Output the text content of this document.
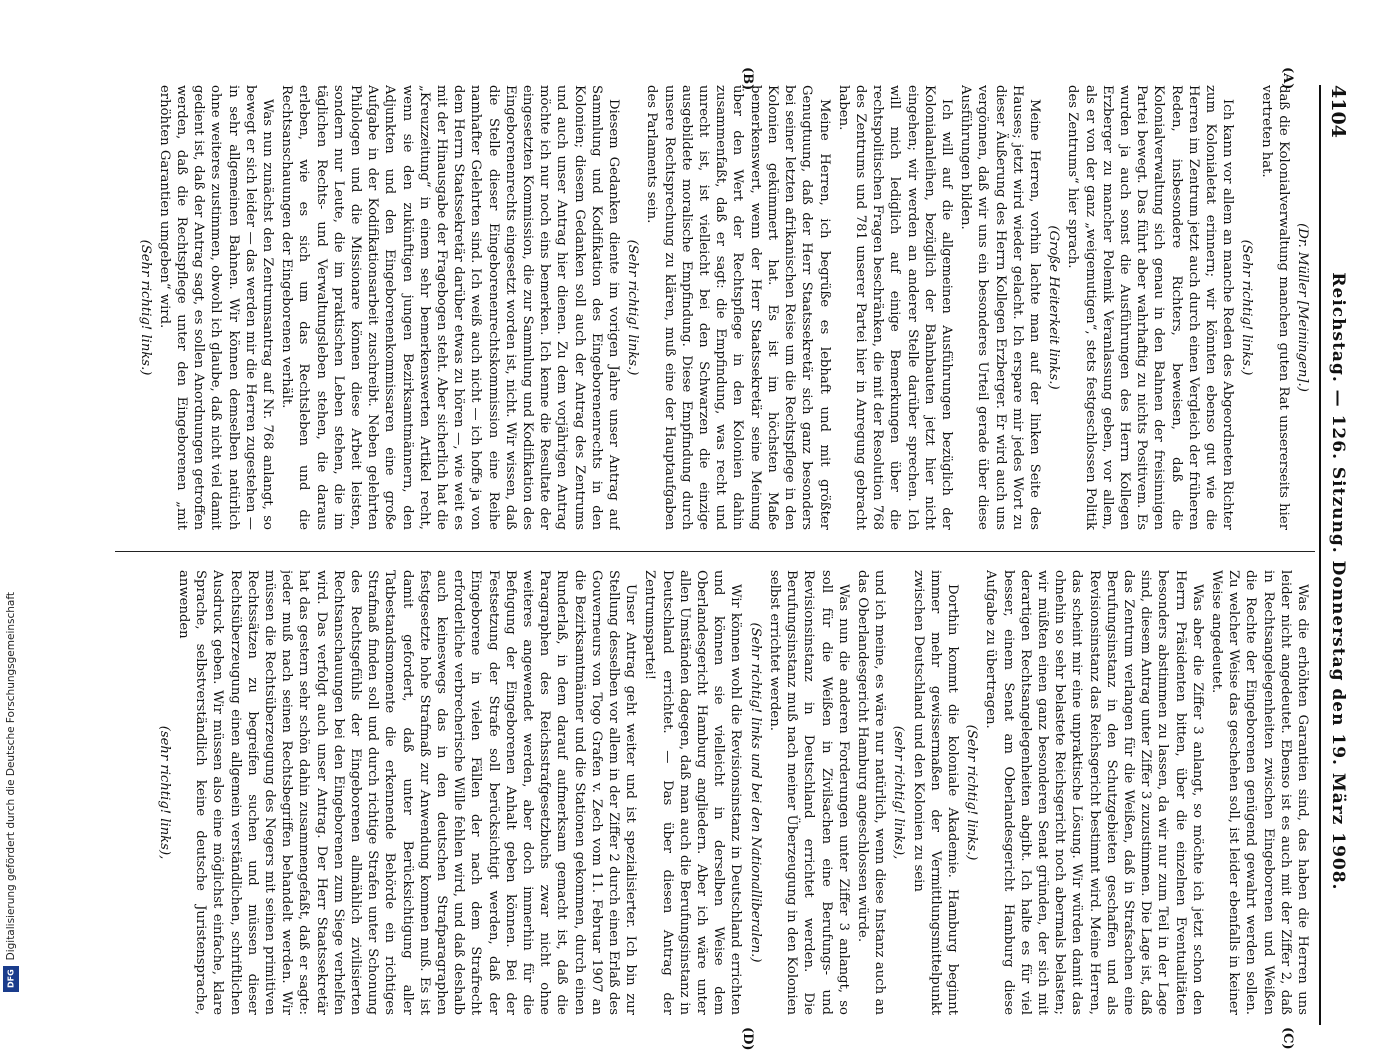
Digitalisierung gefördert durch die Deutsche Forschungsgemeinschaft
DFG
4104
Reichstag. — 126. Sitzung. Donnerstag den 19. März 1908.
(A)
(B)
(C)
(D)

(Dr. Müller [Meiningen].)

daß die Kolonialverwaltung manchen guten Rat unsererseits hier vertreten hat.

(Sehr richtig! links.)

Ich kann vor allem an manche Reden des Abgeordneten Richter zum Kolonialetat erinnern; wir könnten ebenso gut wie die Herren im Zentrum jetzt auch durch einen Vergleich der früheren Reden, insbesondere Richters, beweisen, daß die Kolonialverwaltung sich genau in den Bahnen der freisinnigen Partei bewegt. Das führt aber wahrhaftig zu nichts Positivem. Es wurden ja auch sonst die Ausführungen des Herrn Kollegen Erzberger zu mancher Polemik Veranlassung geben, vor allem, als er von der ganz „weigemutigen“, stets festgeschlossen Politik des Zentrums“ hier sprach.

(Große Heiterkeit links.)

Meine Herren, vorhin lachte man auf der linken Seite des Hauses; jetzt wird wieder gelacht. Ich erspare mir jedes Wort zu dieser Äußerung des Herrn Kollegen Erzberger. Er wird auch uns vergönnen, daß wir uns ein besonderes Urteil gerade über diese Ausführungen bilden.

Ich will auf die allgemeinen Ausführungen bezüglich der Kolonialanleihen, bezüglich der Bahnbauten jetzt hier nicht eingehen; wir werden an anderer Stelle darüber sprechen. Ich will mich lediglich auf einige Bemerkungen über die rechtspolitischen Fragen beschränken, die mit der Resolution 768 des Zentrums und 781 unserer Partei hier in Anregung gebracht haben.

Meine Herren, ich begrüße es lebhaft und mit größter Genugtuung, daß der Herr Staatssekretär sich ganz besonders bei seiner letzten afrikanischen Reise um die Rechtspflege in den Kolonien gekümmert hat. Es ist im höchsten Maße bemerkenswert, wenn der Herr Staatssekretär seine Meinung über den Wert der Rechtspflege in den Kolonien dahin zusammenfaßt, daß er sagt: die Empfindung, was recht und unrecht ist, ist vielleicht bei den Schwarzen die einzige ausgebildete moralische Empfindung. Diese Empfindung durch unsere Rechtsprechung zu klären, muß eine der Hauptaufgaben des Parlaments sein.

(Sehr richtig! links.)

Diesem Gedanken diente im vorigen Jahre unser Antrag auf Sammlung und Kodifikation des Eingeborenenrechts in den Kolonien; diesem Gedanken soll auch der Antrag des Zentrums und auch unser Antrag hier dienen. Zu dem vorjährigen Antrag möchte ich nur noch eins bemerken. Ich kenne die Resultate der eingesetzten Kommission, die zur Sammlung und Kodifikation des Eingeborenenrechts eingesetzt worden ist, nicht. Wir wissen, daß die Stelle dieser Eingeborenenrechtskommission eine Reihe namhafter Gelehrten sind. Ich weiß auch nicht — ich hoffe ja von dem Herrn Staatssekretär darüber etwas zu hören —, wie weit es mit der Hinausgabe der Fragebogen steht. Aber sicherlich hat die „Kreuzzeitung“ in einem sehr bemerkenswerten Artikel recht, wenn sie den zukünftigen jungen Bezirksamtmännern, den Adjunkten und den Eingeborenenkommissaren eine große Aufgabe in der Kodifikationsarbeit zuschreibt. Neben gelehrten Philologen und die Missionare können diese Arbeit leisten, sondern nur Leute, die im praktischen Leben stehen, die im täglichen Rechts- und Verwaltungsleben stehen, die daraus erleben, wie es sich um das Rechtsleben und die Rechtsanschauungen der Eingeborenen verhält.

Was nun zunächst den Zentrumsantrag auf Nr. 768 anlangt, so bewegt er sich leider — das werden mir die Herren zugestehen — in sehr allgemeinen Bahnen. Wir können demselben natürlich ohne weiteres zustimmen, obwohl ich glaube, daß nicht viel damit gedient ist, daß der Antrag sagt, es sollen Anordnungen getroffen werden, daß die Rechtspflege unter den Eingeborenen „mit erhöhten Garantien umgeben“ wird.

(Sehr richtig! links.)

Was die erhöhten Garantien sind, das haben die Herren uns leider nicht angedeutet. Ebenso ist es auch mit der Ziffer 2, daß in Rechtsangelegenheiten zwischen Eingeborenen und Weißen die Rechte der Eingeborenen genügend gewahrt werden sollen. Zu welcher Weise das geschehen soll, ist leider ebenfalls in keiner Weise angedeutet.

Was aber die Ziffer 3 anlangt, so möchte ich jetzt schon den Herrn Präsidenten bitten, über die einzelnen Eventualitäten besonders abstimmen zu lassen, da wir nur zum Teil in der Lage sind, diesem Antrag unter Ziffer 3 zuzustimmen. Die Lage ist, daß das Zentrum verlangen für die Weißen, daß in Strafsachen eine Berufungsinstanz in den Schutzgebieten geschaffen und als Revisionsinstanz das Reichsgericht bestimmt wird. Meine Herren, das scheint mir eine unpraktische Lösung. Wir würden damit das ohnehin so sehr belastete Reichsgericht noch abermals belasten; wir müßten einen ganz besonderen Senat gründen, der sich mit derartigen Rechtsangelegenheiten abgibt. Ich halte es für viel besser, einem Senat am Oberlandesgericht Hamburg diese Aufgabe zu übertragen.

(Sehr richtig! links.)

Dorthin kommt die koloniale Akademie. Hamburg beginnt immer mehr gewissermaßen der Vermittlungsmittelpunkt zwischen Deutschland und den Kolonien zu sein

(sehr richtig! links),

und ich meine, es wäre nur natürlich, wenn diese Instanz auch an das Oberlandesgericht Hamburg angeschlossen würde.

Was nun die anderen Forderungen unter Ziffer 3 anlangt, so soll für die Weißen in Zivilsachen eine Berufungs- und Revisionsinstanz in Deutschland errichtet werden. Die Berufungsinstanz muß nach meiner Überzeugung in den Kolonien selbst errichtet werden.

(Sehr richtig! links und bei den Nationalliberalen.)

Wir können wohl die Revisionsinstanz in Deutschland errichten und können sie vielleicht in derselben Weise dem Oberlandesgericht Hamburg angliedern. Aber ich wäre unter allen Umständen dagegen, daß man auch die Berufungsinstanz in Deutschland errichtet. — Das über diesen Antrag der Zentrumspartei!

Unser Antrag geht weiter und ist spezialisierter. Ich bin zur Stellung desselben vor allem in der Ziffer 2 durch einen Erlaß des Gouverneurs von Togo Grafen v. Zech vom 11. Februar 1907 an die Bezirksamtmänner und die Stationen gekommen, durch einen Runderlaß, in dem darauf aufmerksam gemacht ist, daß die Paragraphen des Reichsstrafgesetzbuchs zwar nicht ohne weiteres angewendet werden, aber doch immerhin für die Befugung der Eingeborenen Anhalt geben können. Bei der Festsetzung der Strafe soll berücksichtigt werden, daß der Eingeborene in vielen Fällen der nach dem Strafrecht erforderliche verbrecherische Wille fehlen wird, und daß deshalb auch keineswegs das in den deutschen Strafparagraphen festgesetzte hohe Strafmaß zur Anwendung kommen muß. Es ist damit gefordert, daß unter Berücksichtigung aller Tatbestandsmomente die erkennende Behörde ein richtiges Strafmaß finden soll und durch richtige Strafen unter Schonung des Rechtsgefühls der Eingeborenen allmählich zivilisierten Rechtsanschauungen bei den Eingeborenen zum Siege verhelfen wird. Das verfolgt auch unser Antrag. Der Herr Staatssekretär hat das gestern sehr schön dahin zusammengefaßt, daß er sagte: jeder muß nach seinen Rechtsbegriffen behandelt werden. Wir müssen die Rechtsüberzeugung des Negers mit seinen primitiven Rechtssätzen zu begreifen suchen und müssen dieser Rechtsüberzeugung einen allgemein verständlichen, schriftlichen Ausdruck geben. Wir müssen also eine möglichst einfache, klare Sprache, selbstverständlich keine deutsche Juristensprache, anwenden

(sehr richtig! links),
